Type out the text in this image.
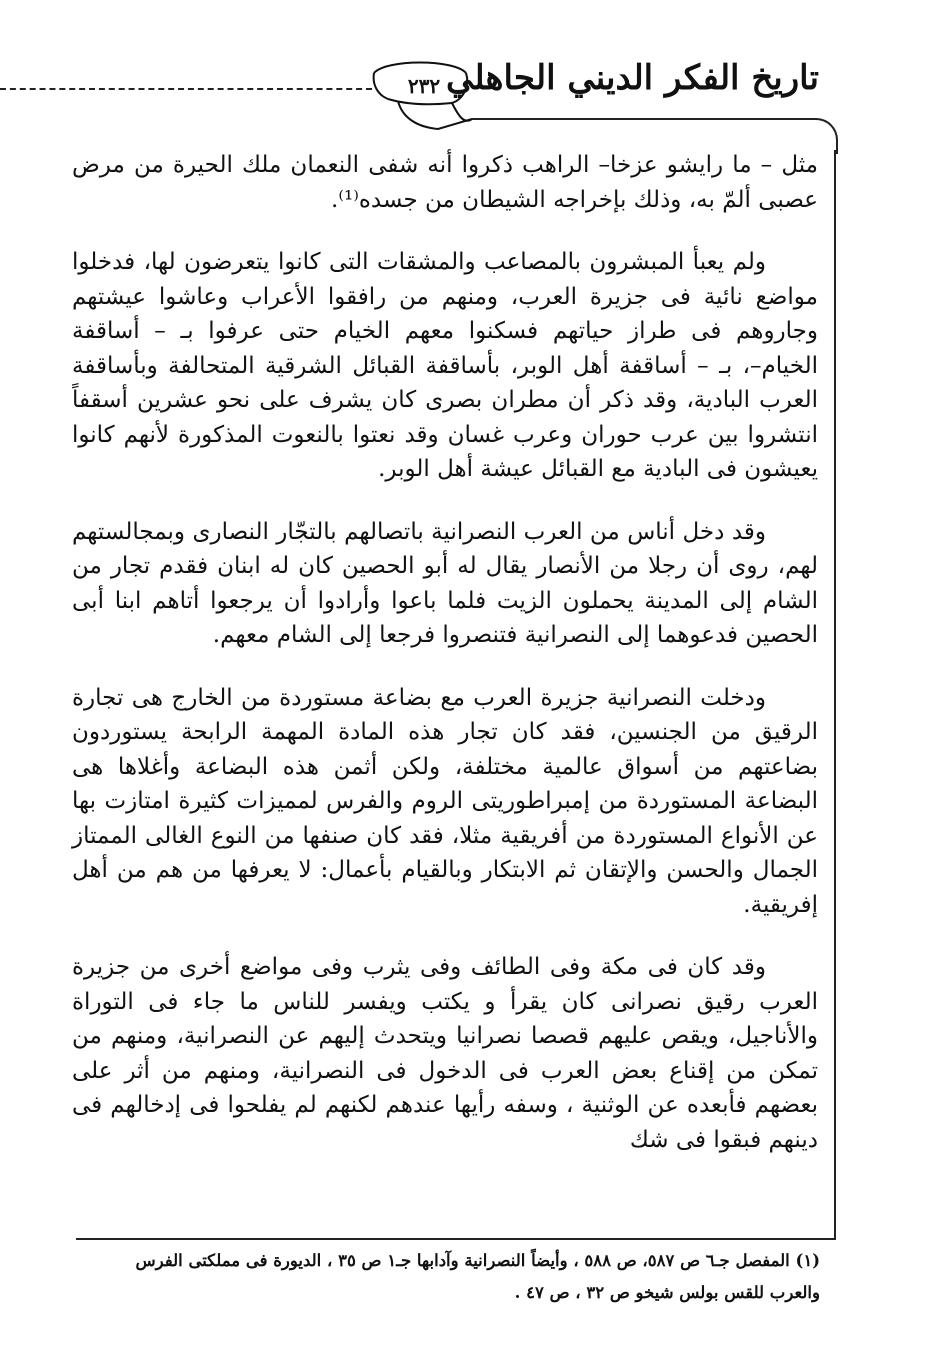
٢٣٢ تاريخ الفكر الديني الجاهلي

مثل – ما رايشو عزخا– الراهب ذكروا أنه شفى النعمان ملك الحيرة من مرض عصبى ألمّ به، وذلك بإخراجه الشيطان من جسده⁽¹⁾.

ولم يعبأ المبشرون بالمصاعب والمشقات التى كانوا يتعرضون لها، فدخلوا مواضع نائية فى جزيرة العرب، ومنهم من رافقوا الأعراب وعاشوا عيشتهم وجاروهم فى طراز حياتهم فسكنوا معهم الخيام حتى عرفوا بـ – أساقفة الخيام–، بـ – أساقفة أهل الوبر، بأساقفة القبائل الشرقية المتحالفة وبأساقفة العرب البادية، وقد ذكر أن مطران بصرى كان يشرف على نحو عشرين أسقفاً انتشروا بين عرب حوران وعرب غسان وقد نعتوا بالنعوت المذكورة لأنهم كانوا يعيشون فى البادية مع القبائل عيشة أهل الوبر.

وقد دخل أناس من العرب النصرانية باتصالهم بالتجّار النصارى وبمجالستهم لهم، روى أن رجلا من الأنصار يقال له أبو الحصين كان له ابنان فقدم تجار من الشام إلى المدينة يحملون الزيت فلما باعوا وأرادوا أن يرجعوا أتاهم ابنا أبى الحصين فدعوهما إلى النصرانية فتنصروا فرجعا إلى الشام معهم.

ودخلت النصرانية جزيرة العرب مع بضاعة مستوردة من الخارج هى تجارة الرقيق من الجنسين، فقد كان تجار هذه المادة المهمة الرابحة يستوردون بضاعتهم من أسواق عالمية مختلفة، ولكن أثمن هذه البضاعة وأغلاها هى البضاعة المستوردة من إمبراطوريتى الروم والفرس لمميزات كثيرة امتازت بها عن الأنواع المستوردة من أفريقية مثلا، فقد كان صنفها من النوع الغالى الممتاز الجمال والحسن والإتقان ثم الابتكار وبالقيام بأعمال: لا يعرفها من هم من أهل إفريقية.

وقد كان فى مكة وفى الطائف وفى يثرب وفى مواضع أخرى من جزيرة العرب رقيق نصرانى كان يقرأ و يكتب ويفسر للناس ما جاء فى التوراة والأناجيل، ويقص عليهم قصصا نصرانيا ويتحدث إليهم عن النصرانية، ومنهم من تمكن من إقناع بعض العرب فى الدخول فى النصرانية، ومنهم من أثر على بعضهم فأبعده عن الوثنية ، وسفه رأيها عندهم لكنهم لم يفلحوا فى إدخالهم فى دينهم فبقوا فى شك

(١) المفصل جـ٦ ص ٥٨٧، ص ٥٨٨ ، وأيضاً النصرانية وآدابها جـ١ ص ٣٥ ، الديورة فى مملكتى الفرس

والعرب للقس بولس شيخو ص ٣٢ ، ص ٤٧ .
